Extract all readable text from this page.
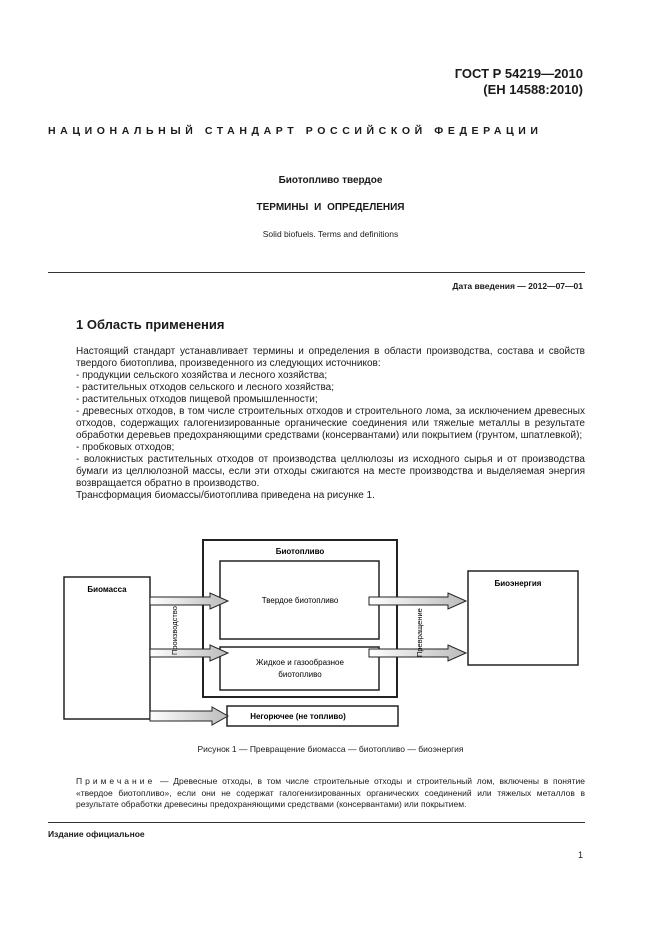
ГОСТ Р 54219—2010
(ЕН 14588:2010)
НАЦИОНАЛЬНЫЙ СТАНДАРТ РОССИЙСКОЙ ФЕДЕРАЦИИ
Биотопливо твердое
ТЕРМИНЫ И ОПРЕДЕЛЕНИЯ
Solid biofuels. Terms and definitions
Дата введения — 2012—07—01
1 Область применения

Настоящий стандарт устанавливает термины и определения в области производства, состава и свойств твердого биотоплива, произведенного из следующих источников:

- продукции сельского хозяйства и лесного хозяйства;

- растительных отходов сельского и лесного хозяйства;

- растительных отходов пищевой промышленности;

- древесных отходов, в том числе строительных отходов и строительного лома, за исключением древесных отходов, содержащих галогенизированные органические соединения или тяжелые металлы в результате обработки деревьев предохраняющими средствами (консервантами) или покрытием (грунтом, шпатлевкой);

- пробковых отходов;

- волокнистых растительных отходов от производства целлюлозы из исходного сырья и от производства бумаги из целлюлозной массы, если эти отходы сжигаются на месте производства и выделяемая энергия возвращается обратно в производство.

Трансформация биомассы/биотоплива приведена на рисунке 1.

Биотопливо
Твердое биотопливо
Жидкое и газообразное
биотопливо
Биомасса
Биоэнергия
Производство	Превращение
Негорючее (не топливо)
Рисунок 1 — Превращение биомасса — биотопливо — биоэнергия
Примечание — Древесные отходы, в том числе строительные отходы и строительный лом, включены в понятие «твердое биотопливо», если они не содержат галогенизированных органических соединений или тяжелых металлов в результате обработки древесины предохраняющими средствами (консервантами) или покрытием.
Издание официальное
1
